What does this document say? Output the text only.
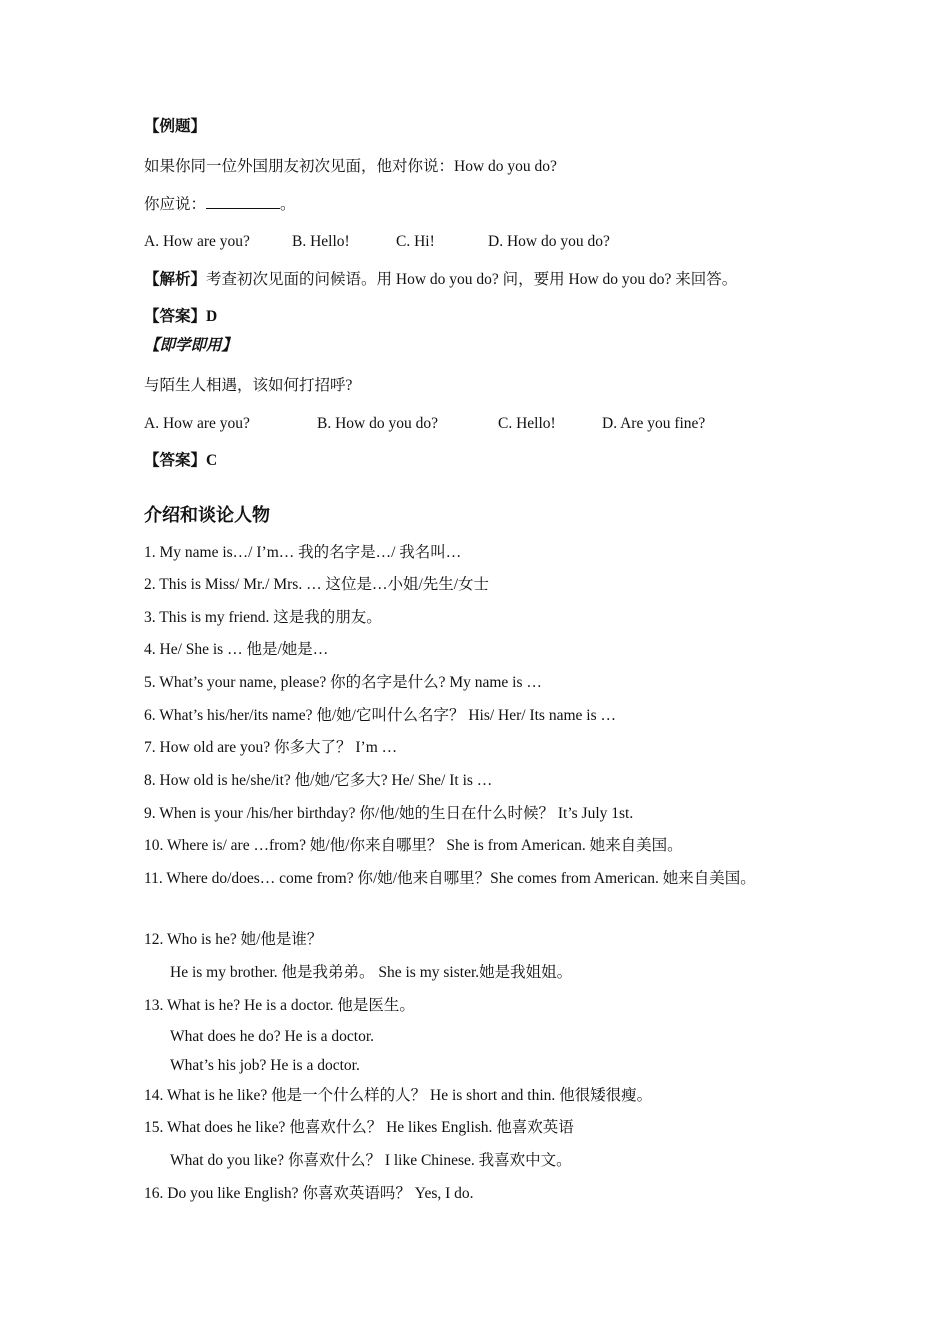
【例题】
如果你同一位外国朋友初次见面，他对你说：How do you do?
你应说：	。
A. How are you?	B. Hello!	C. Hi!	D. How do you do?
【解析】考查初次见面的问候语。用 How do you do? 问，要用 How do you do? 来回答。
【答案】D
【即学即用】
与陌生人相遇，该如何打招呼?
A. How are you?	B. How do you do?	C. Hello!	D. Are you fine?
【答案】C
介绍和谈论人物
1. My name is…/ I’m… 我的名字是…/ 我名叫…
2. This is Miss/ Mr./ Mrs. … 这位是…小姐/先生/女士
3. This is my friend. 这是我的朋友。
4. He/ She is … 他是/她是…
5. What’s your name, please? 你的名字是什么? My name is …
6. What’s his/her/its name? 他/她/它叫什么名字？ His/ Her/ Its name is …
7. How old are you? 你多大了？ I’m …
8. How old is he/she/it? 他/她/它多大? He/ She/ It is …
9. When is your /his/her birthday? 你/他/她的生日在什么时候？ It’s July 1st.
10. Where is/ are …from? 她/他/你来自哪里？ She is from American. 她来自美国。
11. Where do/does… come from? 你/她/他来自哪里？She comes from American. 她来自美国。
12. Who is he? 她/他是谁？
He is my brother. 他是我弟弟。 She is my sister.她是我姐姐。
13. What is he? He is a doctor. 他是医生。
What does he do? He is a doctor.
What’s his job? He is a doctor.
14. What is he like? 他是一个什么样的人？ He is short and thin. 他很矮很瘦。
15. What does he like? 他喜欢什么？ He likes English. 他喜欢英语
What do you like? 你喜欢什么？ I like Chinese. 我喜欢中文。
16. Do you like English? 你喜欢英语吗？ Yes, I do.
